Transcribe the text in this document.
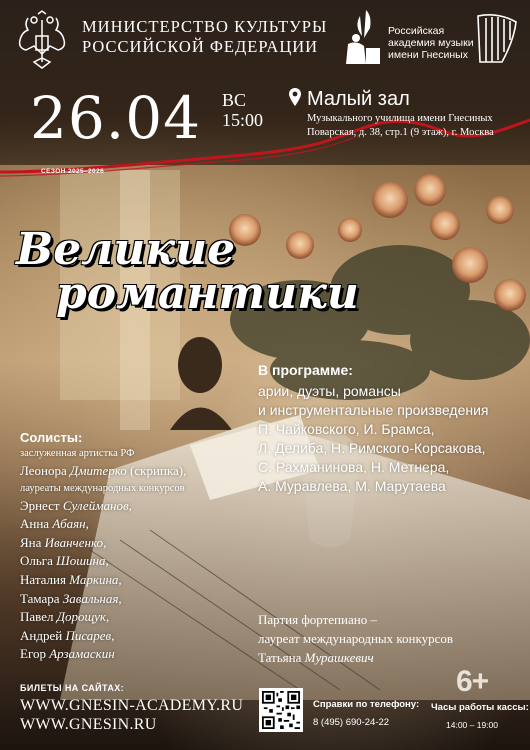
МИНИСТЕРСТВО КУЛЬТУРЫ
РОССИЙСКОЙ ФЕДЕРАЦИИ
Российская
академия музыки
имени Гнесиных
26.04 ВС
15:00
СЕЗОН 2025–2026
Малый зал
Музыкального училища имени Гнесиных
Поварская, д. 38, стр.1 (9 этаж), г. Москва
Великие
романтики
В программе:
арии, дуэты, романсы
и инструментальные произведения
П. Чайковского, И. Брамса,
Л. Делиба, Н. Римского-Корсакова,
С. Рахманинова, Н. Метнера,
А. Муравлева, М. Марутаева
Солисты:
заслуженная артистка РФ
Леонора Дмитерко (скрипка),
лауреаты международных конкурсов
Эрнест Сулейманов,
Анна Абаян,
Яна Иванченко,
Ольга Шошина,
Наталия Маркина,
Тамара Завальная,
Павел Дорощук,
Андрей Писарев,
Егор Арзамаскин
Партия фортепиано –
лауреат международных конкурсов
Татьяна Мурашкевич
БИЛЕТЫ НА САЙТАХ:
WWW.GNESIN-ACADEMY.RU
WWW.GNESIN.RU
Справки по телефону:
8 (495) 690-24-22
6+
Часы работы кассы:
14:00 – 19:00
